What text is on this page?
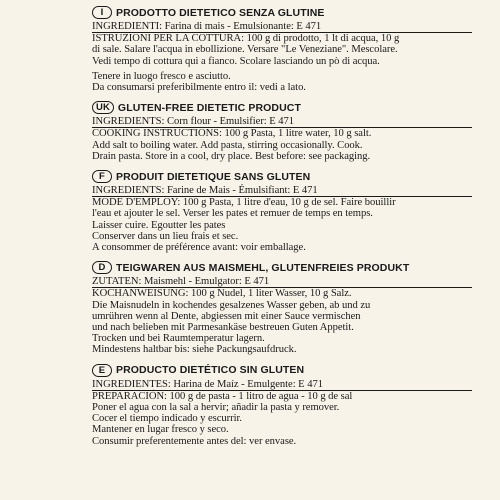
I	PRODOTTO DIETETICO SENZA GLUTINE
INGREDIENTI: Farina di mais - Emulsionante: E 471
ISTRUZIONI PER LA COTTURA: 100 g di prodotto, 1 lt di acqua, 10 g
di sale. Salare l'acqua in ebollizione. Versare "Le Veneziane". Mescolare.
Vedi tempo di cottura qui a fianco. Scolare lasciando un pò di acqua.
Tenere in luogo fresco e asciutto.
Da consumarsi preferibilmente entro il: vedi a lato.
UK GLUTEN-FREE DIETETIC PRODUCT
INGREDIENTS: Corn flour - Emulsifier: E 471
COOKING INSTRUCTIONS: 100 g Pasta, 1 litre water, 10 g salt.
Add salt to boiling water. Add pasta, stirring occasionally. Cook.
Drain pasta. Store in a cool, dry place. Best before: see packaging.
F	PRODUIT DIETETIQUE SANS GLUTEN
INGREDIENTS: Farine de Mais - Émulsifiant: E 471
MODE D'EMPLOY: 100 g Pasta, 1 litre d'eau, 10 g de sel. Faire bouillir
l'eau et ajouter le sel. Verser les pates et remuer de temps en temps.
Laisser cuire. Egoutter les pates
Conserver dans un lieu frais et sec.
A consommer de préférence avant: voir emballage.
D	TEIGWAREN AUS MAISMEHL, GLUTENFREIES PRODUKT
ZUTATEN: Maismehl - Emulgator: E 471
KOCHANWEISUNG: 100 g Nudel, 1 liter Wasser, 10 g Salz.
Die Maisnudeln in kochendes gesalzenes Wasser geben, ab und zu
umrühren wenn al Dente, abgiessen mit einer Sauce vermischen
und nach belieben mit Parmesankäse bestreuen Guten Appetit.
Trocken und bei Raumtemperatur lagern.
Mindestens haltbar bis: siehe Packungsaufdruck.
E	PRODUCTO DIETÉTICO SIN GLUTEN
INGREDIENTES: Harina de Maíz - Emulgente: E 471
PREPARACIÓN: 100 g de pasta - 1 litro de agua - 10 g de sal
Poner el agua con la sal a hervir; añadir la pasta y remover.
Cocer el tiempo indicado y escurrir.
Mantener en lugar fresco y seco.
Consumir preferentemente antes del: ver envase.
